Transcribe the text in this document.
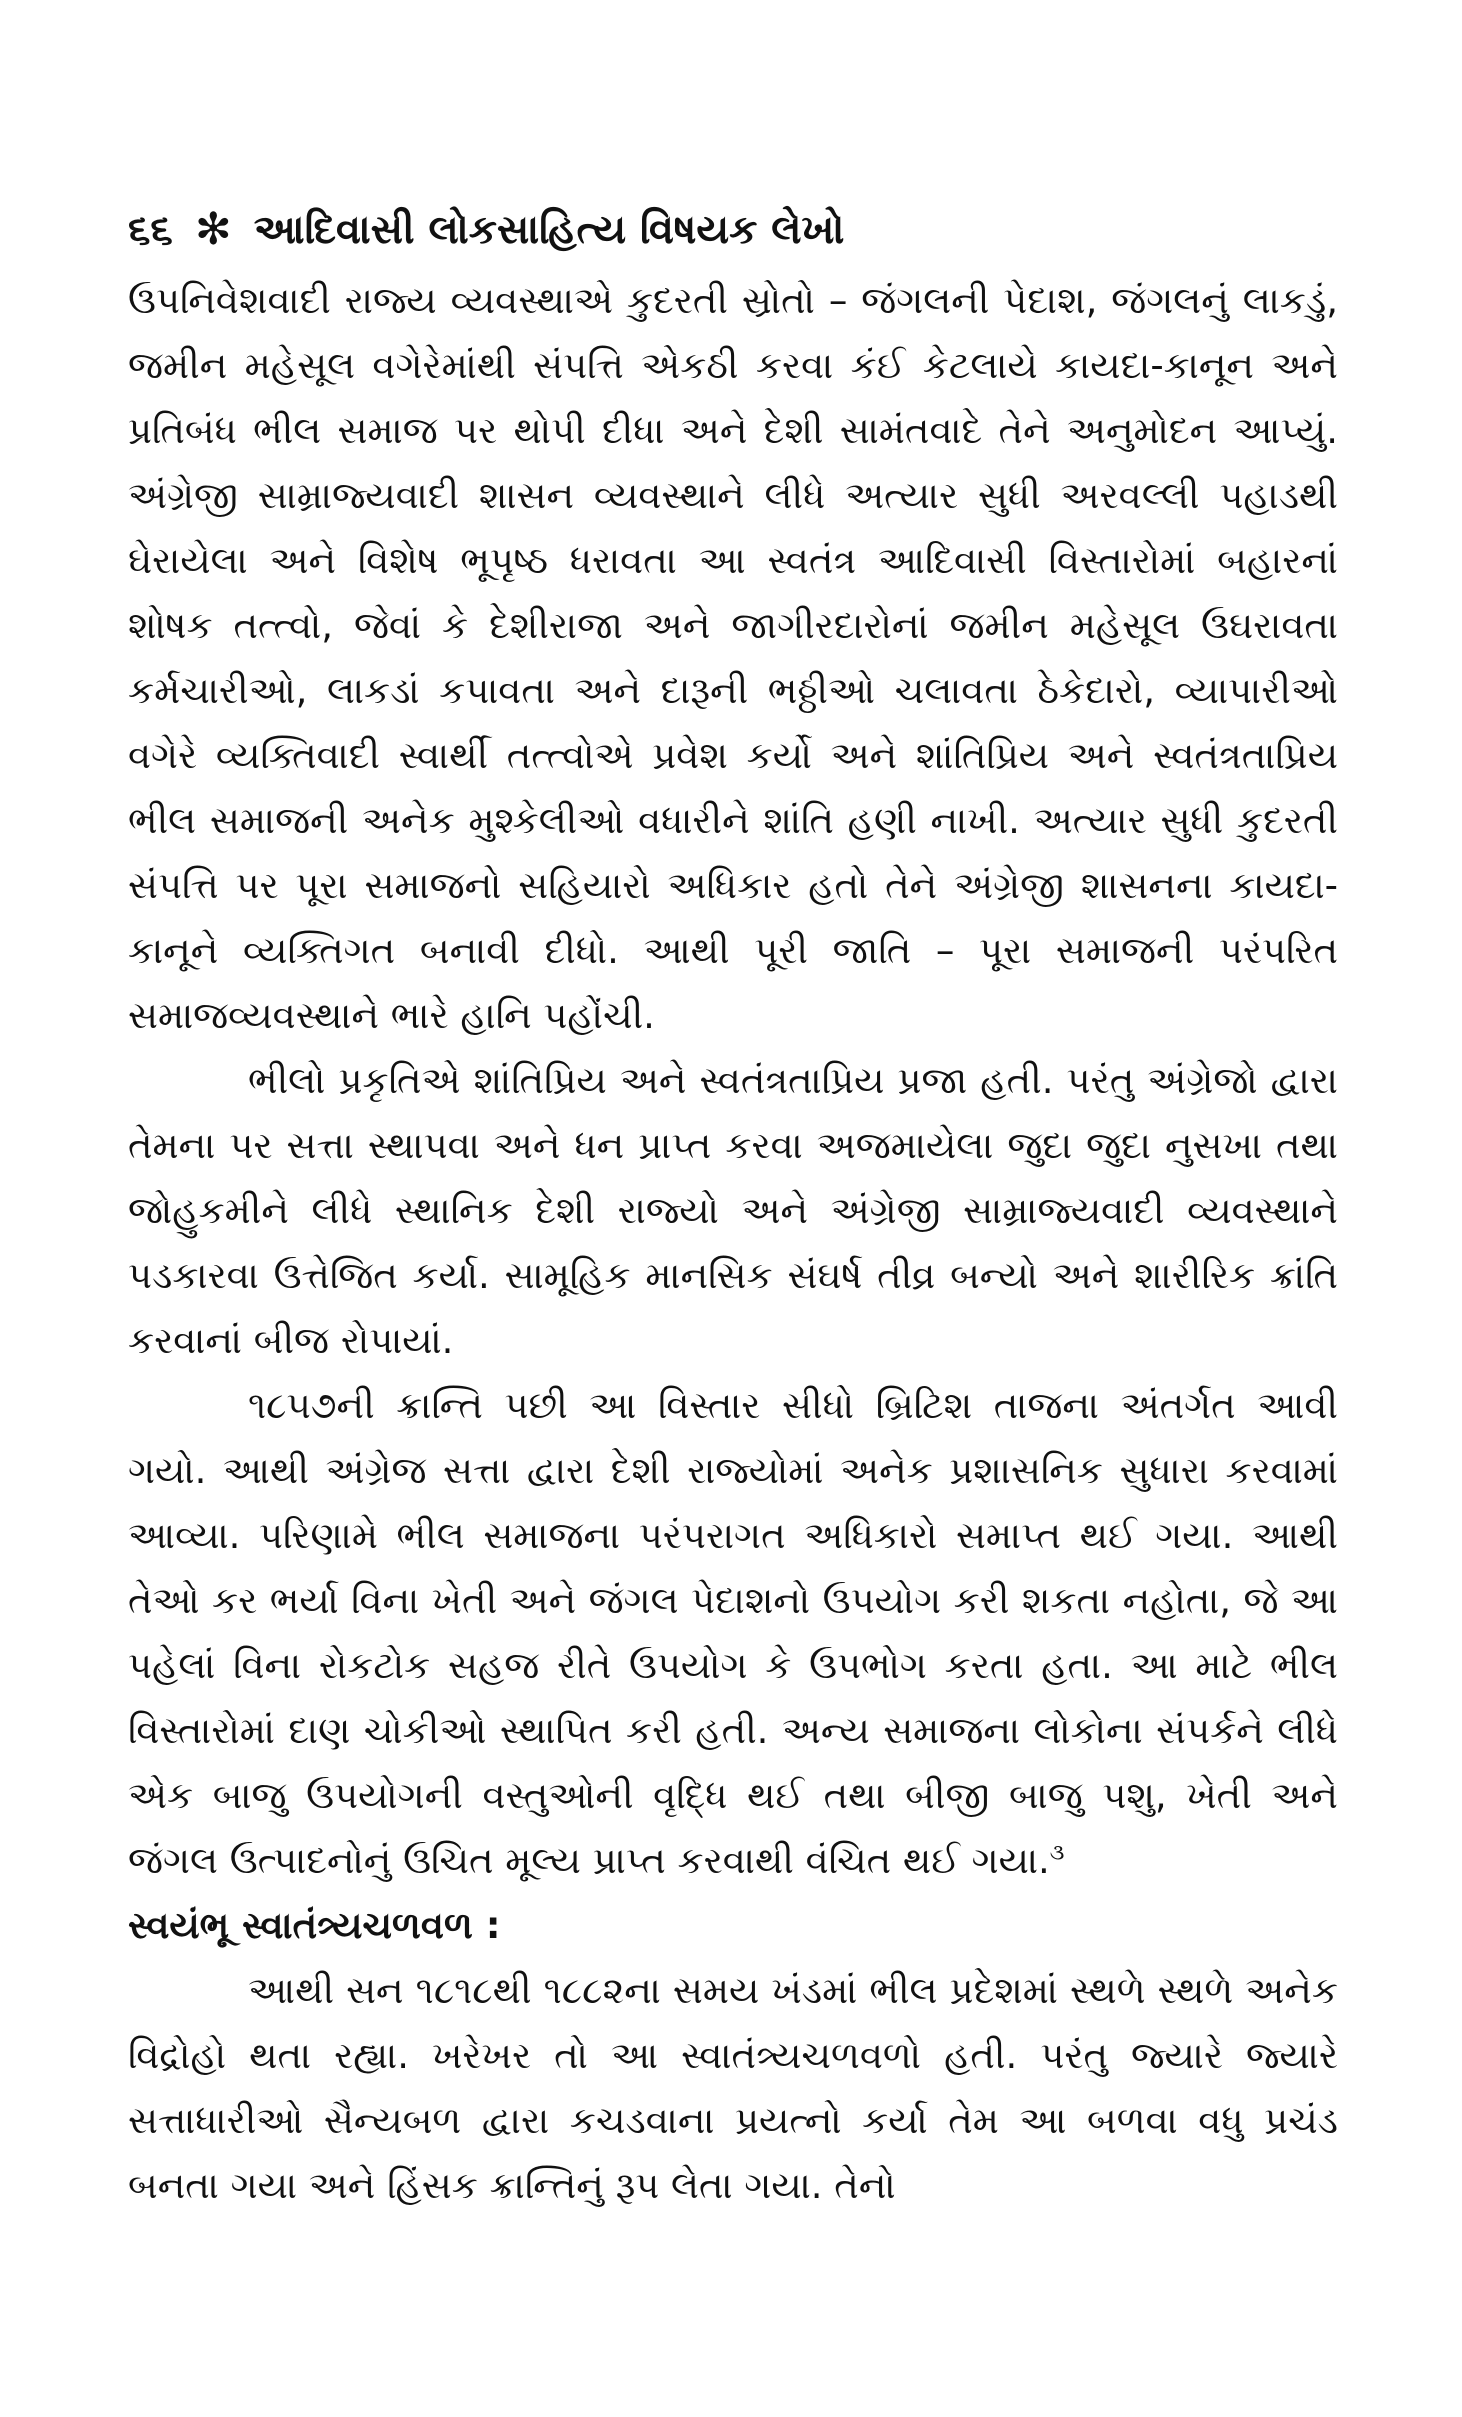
૬૬ ✻ આદિવાસી લોકસાહિત્ય વિષયક લેખો

ઉપનિવેશવાદી રાજ્ય વ્યવસ્થાએ કુદરતી સ્રોતો – જંગલની પેદાશ, જંગલનું લાકડું, જમીન મહેસૂલ વગેરેમાંથી સંપત્તિ એકઠી કરવા કંઈ કેટલાયે કાયદા-કાનૂન અને પ્રતિબંધ ભીલ સમાજ પર થોપી દીધા અને દેશી સામંતવાદે તેને અનુમોદન આપ્યું. અંગ્રેજી સામ્રાજ્યવાદી શાસન વ્યવસ્થાને લીધે અત્યાર સુધી અરવલ્લી પહાડથી ઘેરાયેલા અને વિશેષ ભૂપૃષ્ઠ ધરાવતા આ સ્વતંત્ર આદિવાસી વિસ્તારોમાં બહારનાં શોષક તત્ત્વો, જેવાં કે દેશીરાજા અને જાગીરદારોનાં જમીન મહેસૂલ ઉઘરાવતા કર્મચારીઓ, લાકડાં કપાવતા અને દારૂની ભઠ્ઠીઓ ચલાવતા ઠેકેદારો, વ્યાપારીઓ વગેરે વ્યક્તિવાદી સ્વાર્થી તત્ત્વોએ પ્રવેશ કર્યો અને શાંતિપ્રિય અને સ્વતંત્રતાપ્રિય ભીલ સમાજની અનેક મુશ્કેલીઓ વધારીને શાંતિ હણી નાખી. અત્યાર સુધી કુદરતી સંપત્તિ પર પૂરા સમાજનો સહિયારો અધિકાર હતો તેને અંગ્રેજી શાસનના કાયદા-કાનૂને વ્યક્તિગત બનાવી દીધો. આથી પૂરી જાતિ – પૂરા સમાજની પરંપરિત સમાજવ્યવસ્થાને ભારે હાનિ પહોંચી.

ભીલો પ્રકૃતિએ શાંતિપ્રિય અને સ્વતંત્રતાપ્રિય પ્રજા હતી. પરંતુ અંગ્રેજો દ્વારા તેમના પર સત્તા સ્થાપવા અને ધન પ્રાપ્ત કરવા અજમાયેલા જુદા જુદા નુસખા તથા જોહુકમીને લીધે સ્થાનિક દેશી રાજ્યો અને અંગ્રેજી સામ્રાજ્યવાદી વ્યવસ્થાને પડકારવા ઉત્તેજિત કર્યા. સામૂહિક માનસિક સંઘર્ષ તીવ્ર બન્યો અને શારીરિક ક્રાંતિ કરવાનાં બીજ રોપાયાં.

૧૮૫૭ની ક્રાન્તિ પછી આ વિસ્તાર સીધો બ્રિટિશ તાજના અંતર્ગત આવી ગયો. આથી અંગ્રેજ સત્તા દ્વારા દેશી રાજ્યોમાં અનેક પ્રશાસનિક સુધારા કરવામાં આવ્યા. પરિણામે ભીલ સમાજના પરંપરાગત અધિકારો સમાપ્ત થઈ ગયા. આથી તેઓ કર ભર્યા વિના ખેતી અને જંગલ પેદાશનો ઉપયોગ કરી શકતા નહોતા, જે આ પહેલાં વિના રોકટોક સહજ રીતે ઉપયોગ કે ઉપભોગ કરતા હતા. આ માટે ભીલ વિસ્તારોમાં દાણ ચોકીઓ સ્થાપિત કરી હતી. અન્ય સમાજના લોકોના સંપર્કને લીધે એક બાજુ ઉપયોગની વસ્તુઓની વૃદ્ધિ થઈ તથા બીજી બાજુ પશુ, ખેતી અને જંગલ ઉત્પાદનોનું ઉચિત મૂલ્ય પ્રાપ્ત કરવાથી વંચિત થઈ ગયા.$^૩$

સ્વયંભૂ સ્વાતંત્ર્યચળવળ :

આથી સન ૧૮૧૮થી ૧૮૮૨ના સમય ખંડમાં ભીલ પ્રદેશમાં સ્થળે સ્થળે અનેક વિદ્રોહો થતા રહ્યા. ખરેખર તો આ સ્વાતંત્ર્યચળવળો હતી. પરંતુ જ્યારે જ્યારે સત્તાધારીઓ સૈન્યબળ દ્વારા કચડવાના પ્રયત્નો કર્યા તેમ આ બળવા વધુ પ્રચંડ બનતા ગયા અને હિંસક ક્રાન્તિનું રૂપ લેતા ગયા. તેનો
